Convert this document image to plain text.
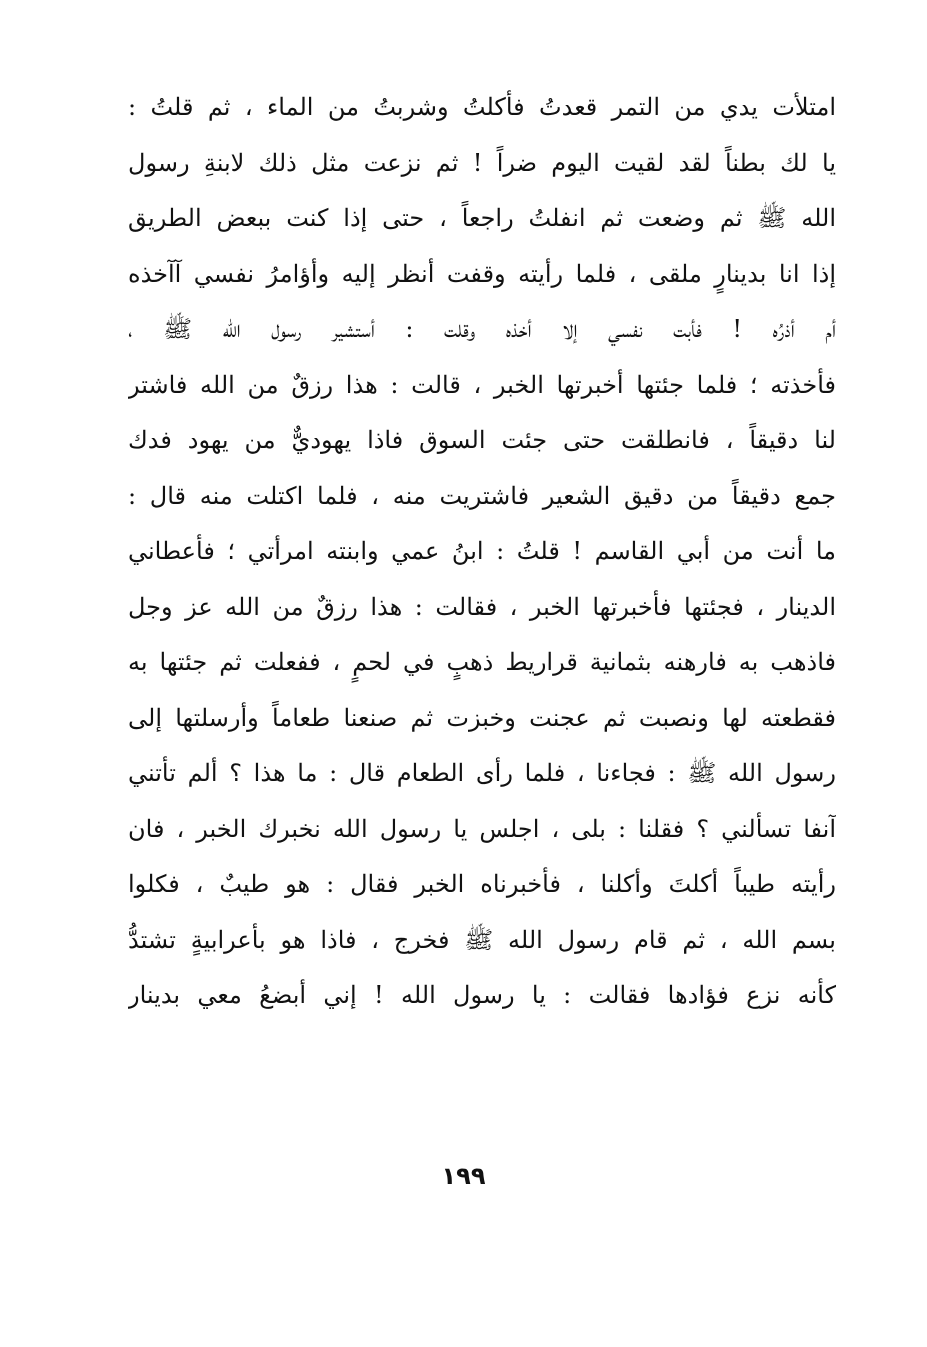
امتلأت يدي من التمر قعدتُ فأكلتُ وشربتُ من الماء ، ثم قلتُ :
يا لك بطناً لقد لقيت اليوم ضراً ! ثم نزعت مثل ذلك لابنةِ رسول
الله ﷺ ثم وضعت ثم انفلتُ راجعاً ، حتى إذا كنت ببعض الطريق
إذا انا بدينارٍ ملقى ، فلما رأيته وقفت أنظر إليه وأؤامرُ نفسي آآخذه
أم أذرُه ! فأبت نفسي إلا أخذه وقلت : أستشير رسول الله ﷺ ،
فأخذته ؛ فلما جئتها أخبرتها الخبر ، قالت : هذا رزقٌ من الله فاشتر
لنا دقيقاً ، فانطلقت حتى جئت السوق فاذا يهوديٌّ من يهود فدك
جمع دقيقاً من دقيق الشعير فاشتريت منه ، فلما اكتلت منه قال :
ما أنت من أبي القاسم ! قلتُ : ابنُ عمي وابنته امرأتي ؛ فأعطاني
الدينار ، فجئتها فأخبرتها الخبر ، فقالت : هذا رزقٌ من الله عز وجل
فاذهب به فارهنه بثمانية قراريط ذهبٍ في لحمٍ ، ففعلت ثم جئتها به
فقطعته لها ونصبت ثم عجنت وخبزت ثم صنعنا طعاماً وأرسلتها إلى
رسول الله ﷺ : فجاءنا ، فلما رأى الطعام قال : ما هذا ؟ ألم تأتني
آنفا تسألني ؟ فقلنا : بلى ، اجلس يا رسول الله نخبرك الخبر ، فان
رأيته طيباً أكلتَ وأكلنا ، فأخبرناه الخبر فقال : هو طيبٌ ، فكلوا
بسم الله ، ثم قام رسول الله ﷺ فخرج ، فاذا هو بأعرابيةٍ تشتدُّ
كأنه نزع فؤادها فقالت : يا رسول الله ! إني أبضعُ معي بدينار
١٩٩
